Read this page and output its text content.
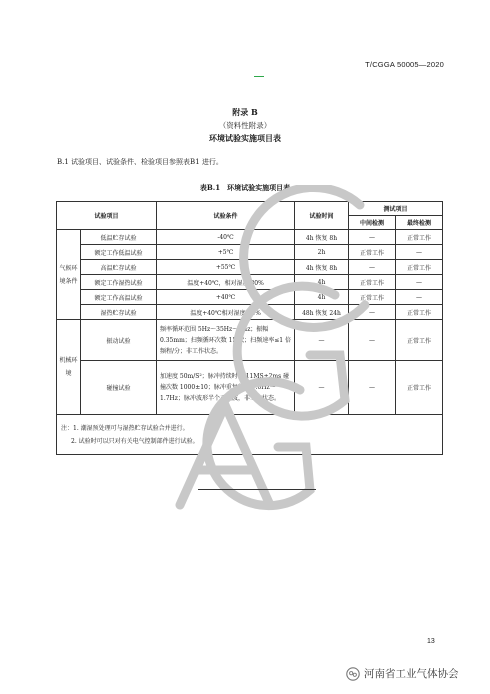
T/CGGA 50005—2020
附录 B
（资料性附录）
环境试验实施项目表
B.1 试验项目、试验条件、检验项目参照表B1 进行。
表B.1　环境试验实施项目表
试验项目		试验条件	试验时间	测试项目	
				中间检测	最终检测
气候环境条件	低温贮存试验	-40℃	4h 恢复 8h	—	正常工作
	额定工作低温试验	+5℃	2h	正常工作	—
	高温贮存试验	+55℃	4h 恢复 8h	—	正常工作
	额定工作湿热试验	温度+40℃，相对湿度 80%	4h	正常工作	—
	额定工作高温试验	+40℃	4h	正常工作	—
	湿热贮存试验	温度+40℃相对湿度 93%	48h 恢复 24h	—	正常工作
机械环境	振动试验	频率循环范围 5Hz～35Hz～5Hz；振幅 0.35mm；扫频循环次数 15 次；扫频速率≤1 倍频程/分；非工作状态。	—	—	正常工作
	碰撞试验	加速度 50m/S²；脉冲持续时间 11MS±2ms 碰撞次数 1000±10；脉冲重复频率 1.0Hz～1.7Hz；脉冲波形半个正弦波，非工作状态。	—	—	正常工作

注：1. 潮湿预处理可与湿热贮存试验合并进行。
2. 试验时可以只对有关电气控制部件进行试验。					
13
河南省工业气体协会
